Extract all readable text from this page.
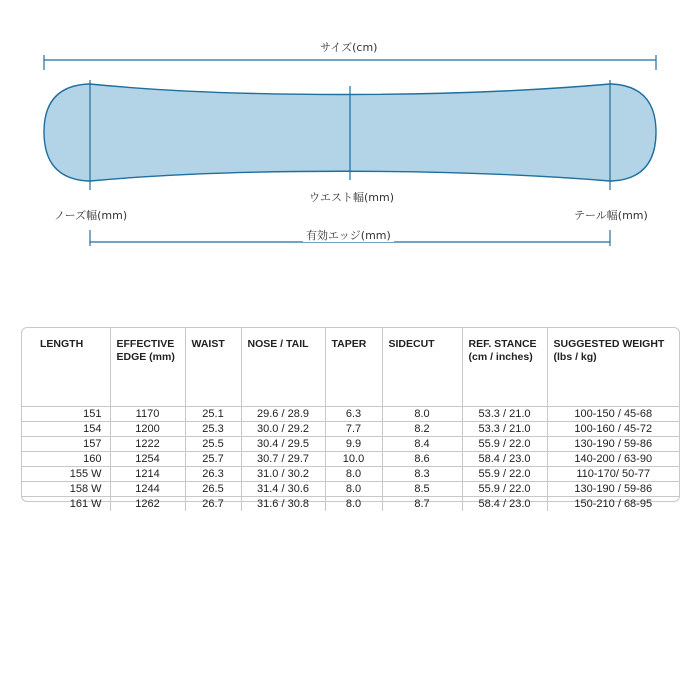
サイズ(cm)
ウエスト幅(mm)
ノーズ幅(mm)	テール幅(mm)
有効エッジ(mm)
LENGTH	EFFECTIVE EDGE (mm)	WAIST	NOSE / TAIL	TAPER	SIDECUT	REF. STANCE (cm / inches)	SUGGESTED WEIGHT (lbs / kg)
151	1170	25.1	29.6 / 28.9	6.3	8.0	53.3 / 21.0	100-150 / 45-68
154	1200	25.3	30.0 / 29.2	7.7	8.2	53.3 / 21.0	100-160 / 45-72
157	1222	25.5	30.4 / 29.5	9.9	8.4	55.9 / 22.0	130-190 / 59-86
160	1254	25.7	30.7 / 29.7	10.0	8.6	58.4 / 23.0	140-200 / 63-90
155 W	1214	26.3	31.0 / 30.2	8.0	8.3	55.9 / 22.0	110-170/ 50-77
158 W	1244	26.5	31.4 / 30.6	8.0	8.5	55.9 / 22.0	130-190 / 59-86
161 W	1262	26.7	31.6 / 30.8	8.0	8.7	58.4 / 23.0	150-210 / 68-95
